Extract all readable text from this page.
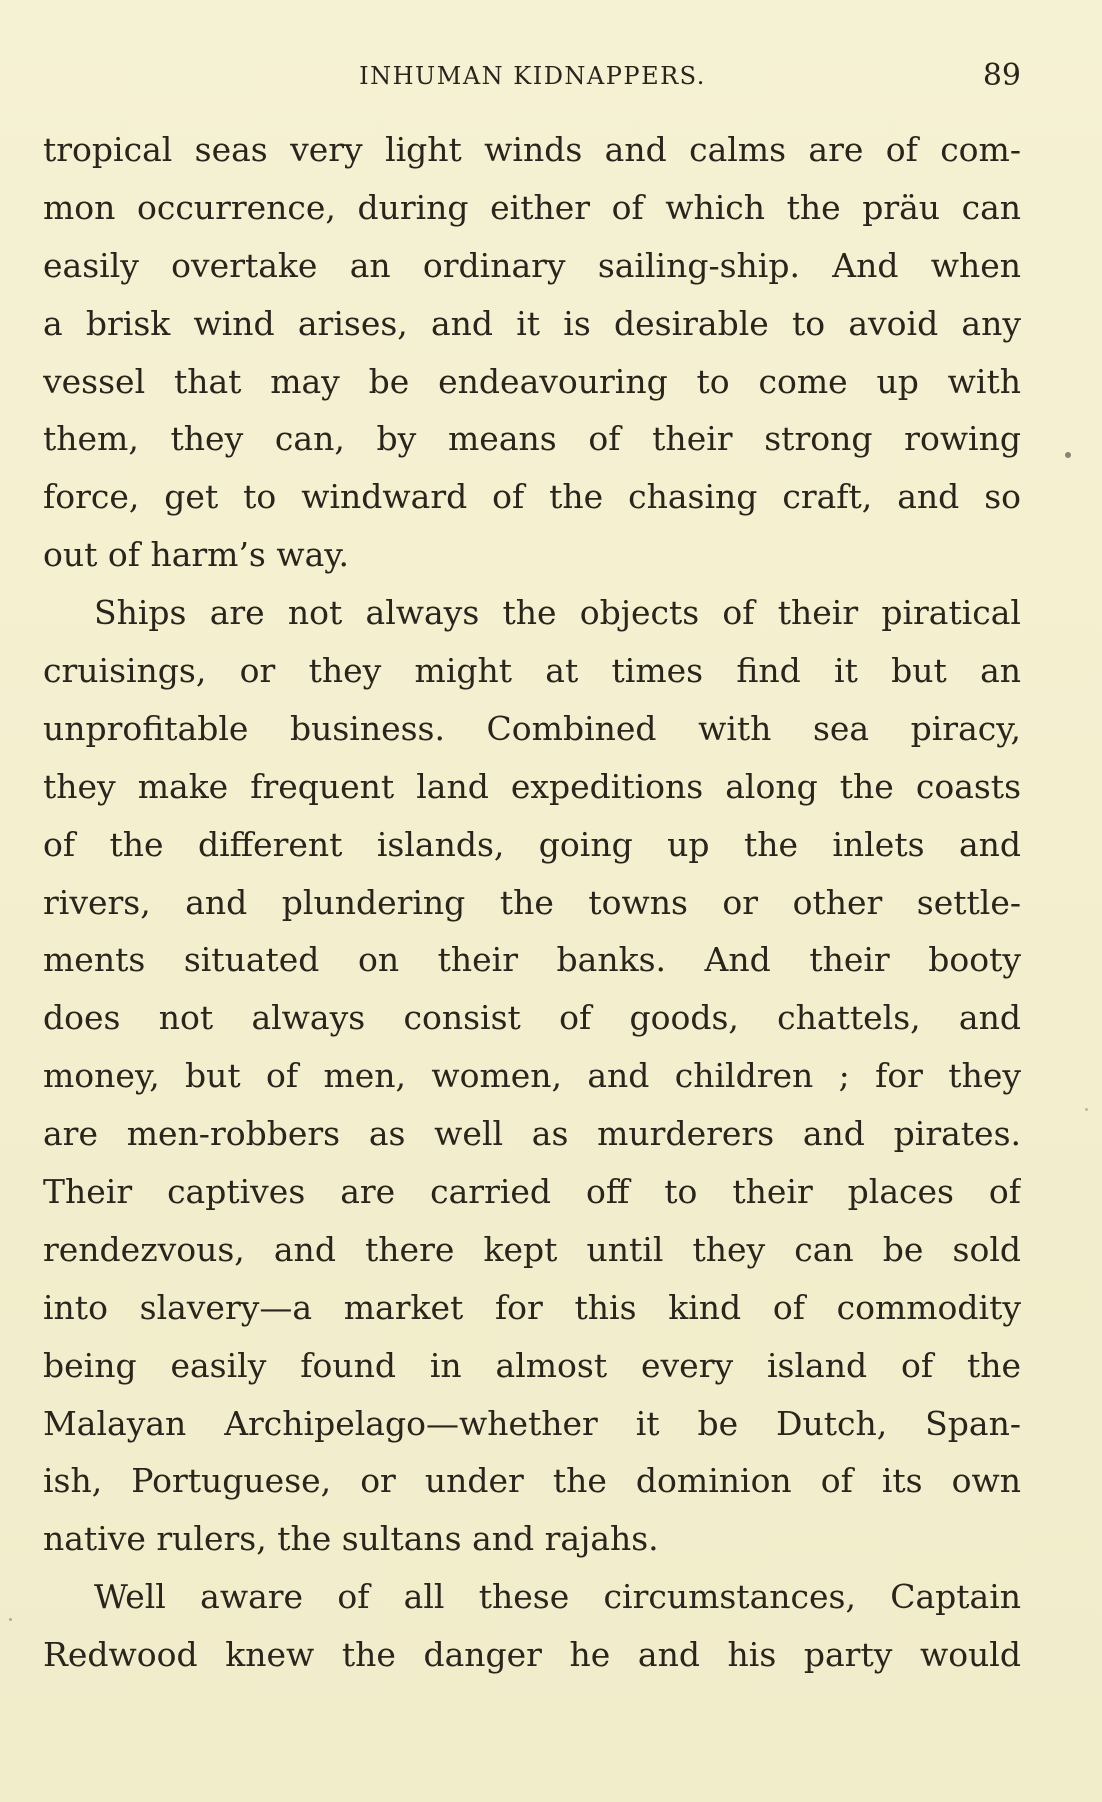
INHUMAN KIDNAPPERS.	89
tropical seas very light winds and calms are of com-
mon occurrence, during either of which the präu can
easily overtake an ordinary sailing-ship. And when
a brisk wind arises, and it is desirable to avoid any
vessel that may be endeavouring to come up with
them, they can, by means of their strong rowing
force, get to windward of the chasing craft, and so
out of harm’s way.
Ships are not always the objects of their piratical
cruisings, or they might at times find it but an
unprofitable business. Combined with sea piracy,
they make frequent land expeditions along the coasts
of the different islands, going up the inlets and
rivers, and plundering the towns or other settle-
ments situated on their banks. And their booty
does not always consist of goods, chattels, and
money, but of men, women, and children ; for they
are men-robbers as well as murderers and pirates.
Their captives are carried off to their places of
rendezvous, and there kept until they can be sold
into slavery—a market for this kind of commodity
being easily found in almost every island of the
Malayan Archipelago—whether it be Dutch, Span-
ish, Portuguese, or under the dominion of its own
native rulers, the sultans and rajahs.
Well aware of all these circumstances, Captain
Redwood knew the danger he and his party would
